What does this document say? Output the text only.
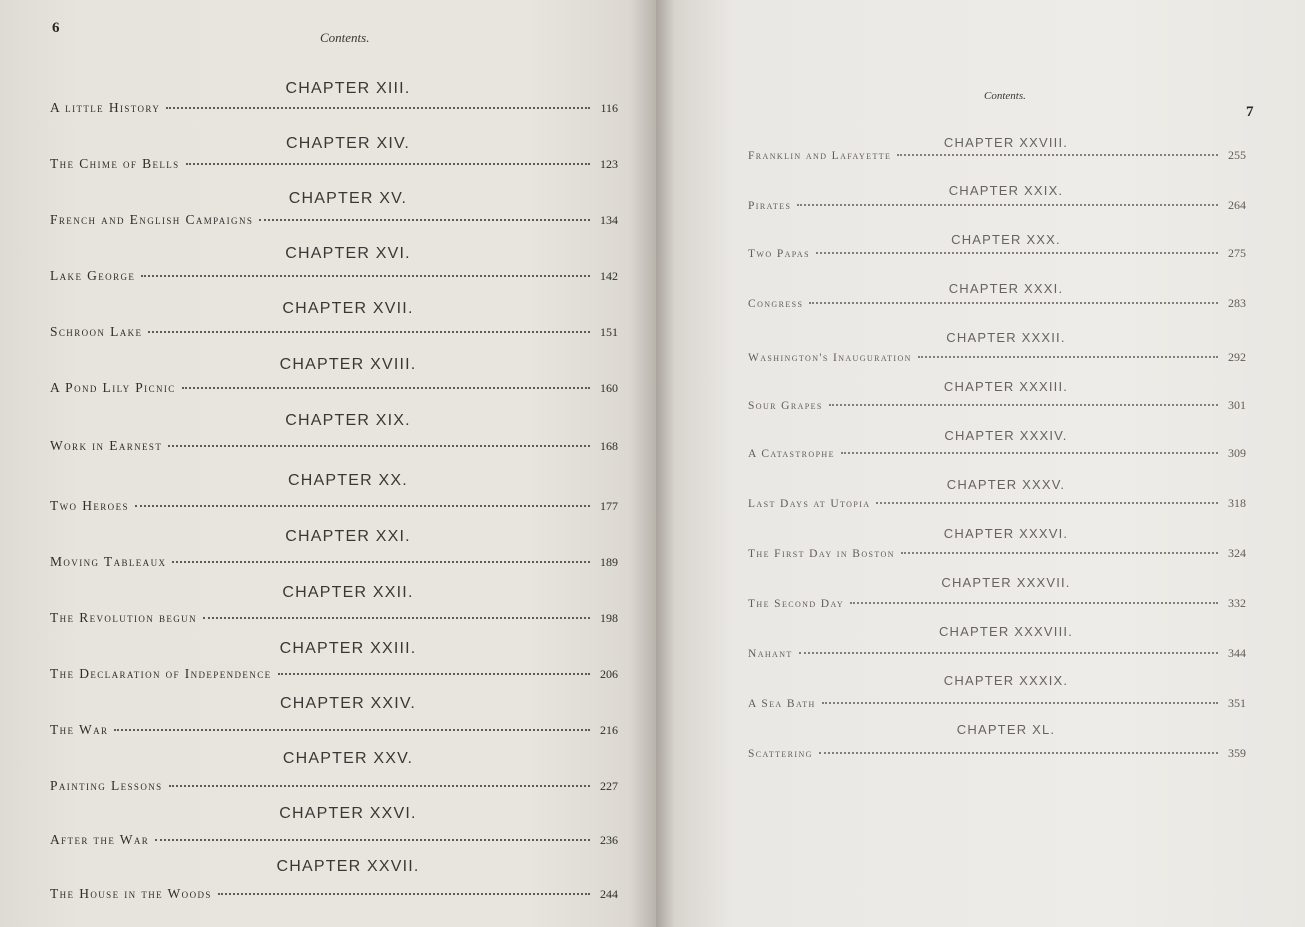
6
Contents.
CHAPTER XIII.
A little History	116
CHAPTER XIV.
The Chime of Bells	123
CHAPTER XV.
French and English Campaigns	134
CHAPTER XVI.
Lake George	142
CHAPTER XVII.
Schroon Lake	151
CHAPTER XVIII.
A Pond Lily Picnic	160
CHAPTER XIX.
Work in Earnest	168
CHAPTER XX.
Two Heroes	177
CHAPTER XXI.
Moving Tableaux	189
CHAPTER XXII.
The Revolution begun	198
CHAPTER XXIII.
The Declaration of Independence	206
CHAPTER XXIV.
The War	216
CHAPTER XXV.
Painting Lessons	227
CHAPTER XXVI.
After the War	236
CHAPTER XXVII.
The House in the Woods	244
7
Contents.
CHAPTER XXVIII.
Franklin and Lafayette	255
CHAPTER XXIX.
Pirates	264
CHAPTER XXX.
Two Papas	275
CHAPTER XXXI.
Congress	283
CHAPTER XXXII.
Washington's Inauguration	292
CHAPTER XXXIII.
Sour Grapes	301
CHAPTER XXXIV.
A Catastrophe	309
CHAPTER XXXV.
Last Days at Utopia	318
CHAPTER XXXVI.
The First Day in Boston	324
CHAPTER XXXVII.
The Second Day	332
CHAPTER XXXVIII.
Nahant	344
CHAPTER XXXIX.
A Sea Bath	351
CHAPTER XL.
Scattering	359
